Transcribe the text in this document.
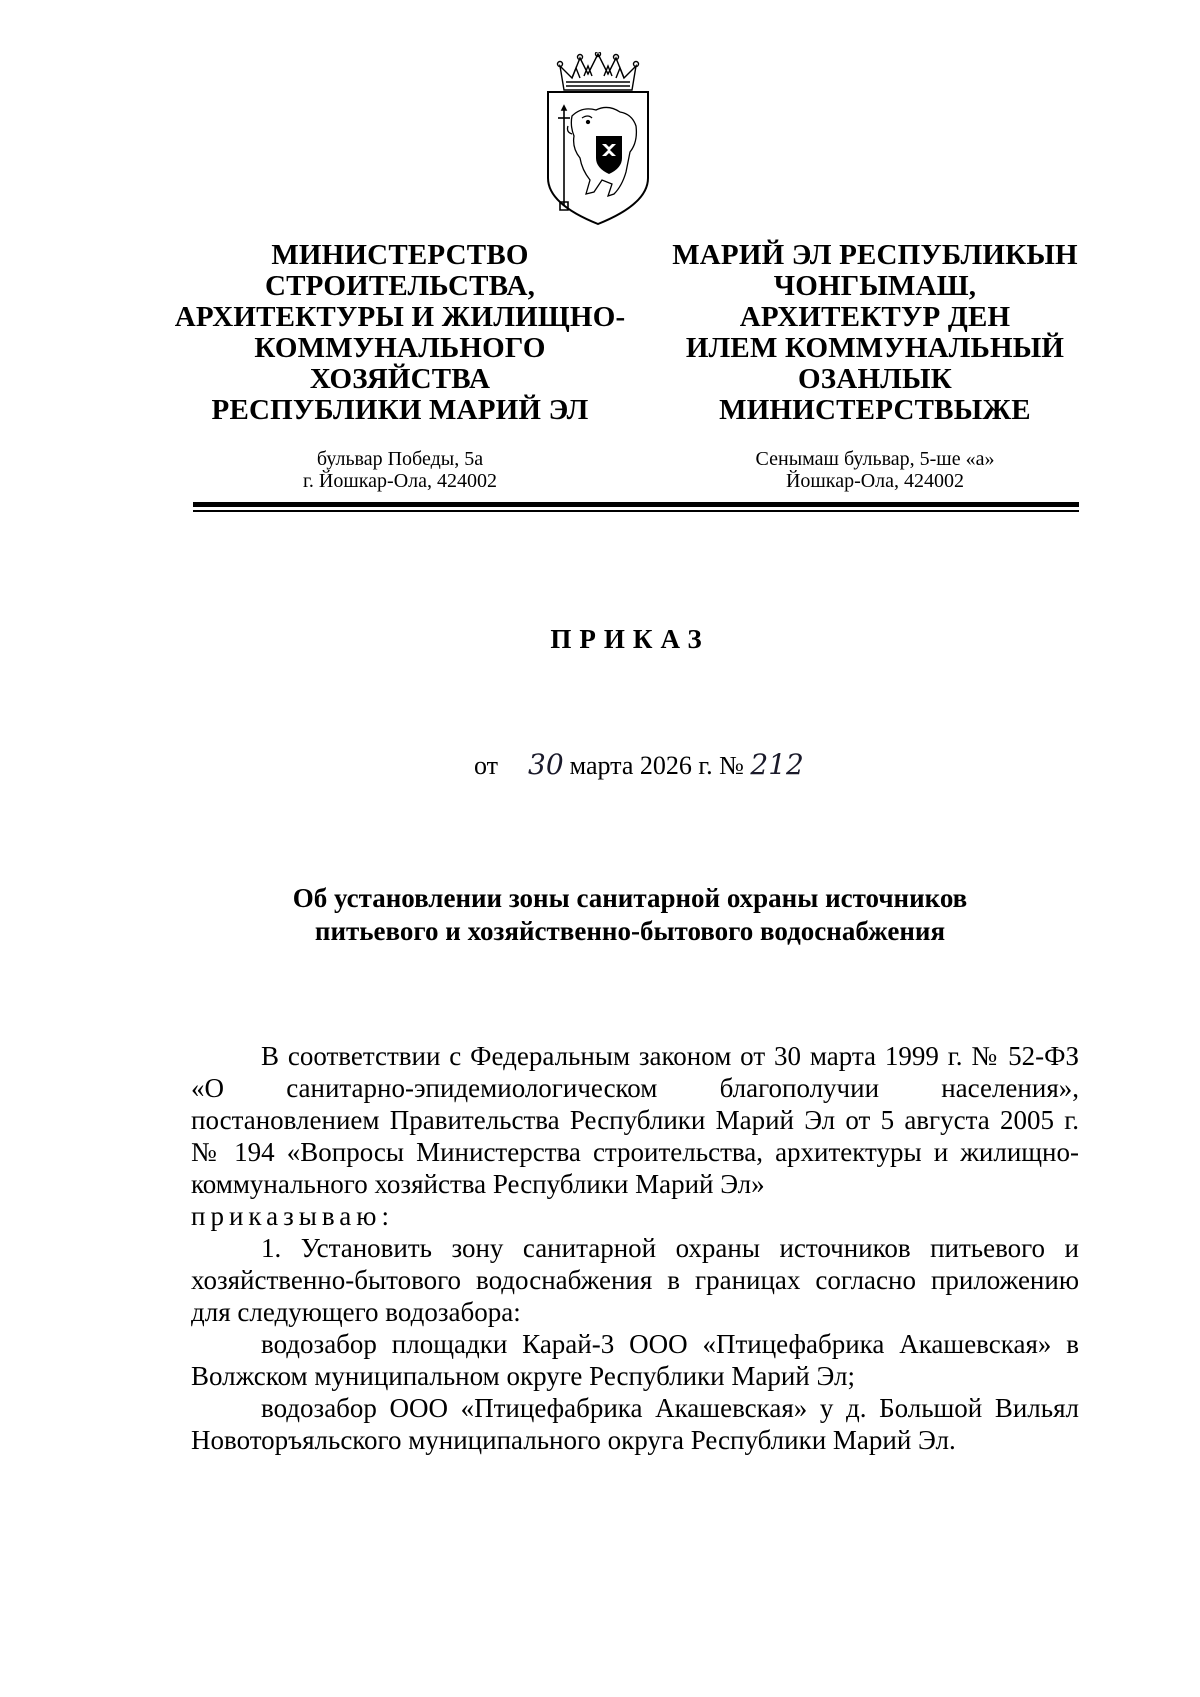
МИНИСТЕРСТВО
СТРОИТЕЛЬСТВА,
АРХИТЕКТУРЫ И ЖИЛИЩНО-
КОММУНАЛЬНОГО
ХОЗЯЙСТВА
РЕСПУБЛИКИ МАРИЙ ЭЛ
бульвар Победы, 5а
г. Йошкар-Ола, 424002
МАРИЙ ЭЛ РЕСПУБЛИКЫН
ЧОНГЫМАШ,
АРХИТЕКТУР ДЕН
ИЛЕМ КОММУНАЛЬНЫЙ
ОЗАНЛЫК
МИНИСТЕРСТВЫЖЕ
Сенымаш бульвар, 5-ше «а»
Йошкар-Ола, 424002
ПРИКАЗ
от 30 марта 2026 г. № 212
Об установлении зоны санитарной охраны источников
питьевого и хозяйственно-бытового водоснабжения

В соответствии с Федеральным законом от 30 марта 1999 г. № 52-ФЗ «О санитарно-эпидемиологическом благополучии населения», постановлением Правительства Республики Марий Эл от 5 августа 2005 г. № 194 «Вопросы Министерства строительства, архитектуры и жилищно-коммунального хозяйства Республики Марий Эл»

приказываю:

1. Установить зону санитарной охраны источников питьевого и хозяйственно-бытового водоснабжения в границах согласно приложению для следующего водозабора:

водозабор площадки Карай-3 ООО «Птицефабрика Акашевская» в Волжском муниципальном округе Республики Марий Эл;

водозабор ООО «Птицефабрика Акашевская» у д. Большой Вильял Новоторъяльского муниципального округа Республики Марий Эл.
